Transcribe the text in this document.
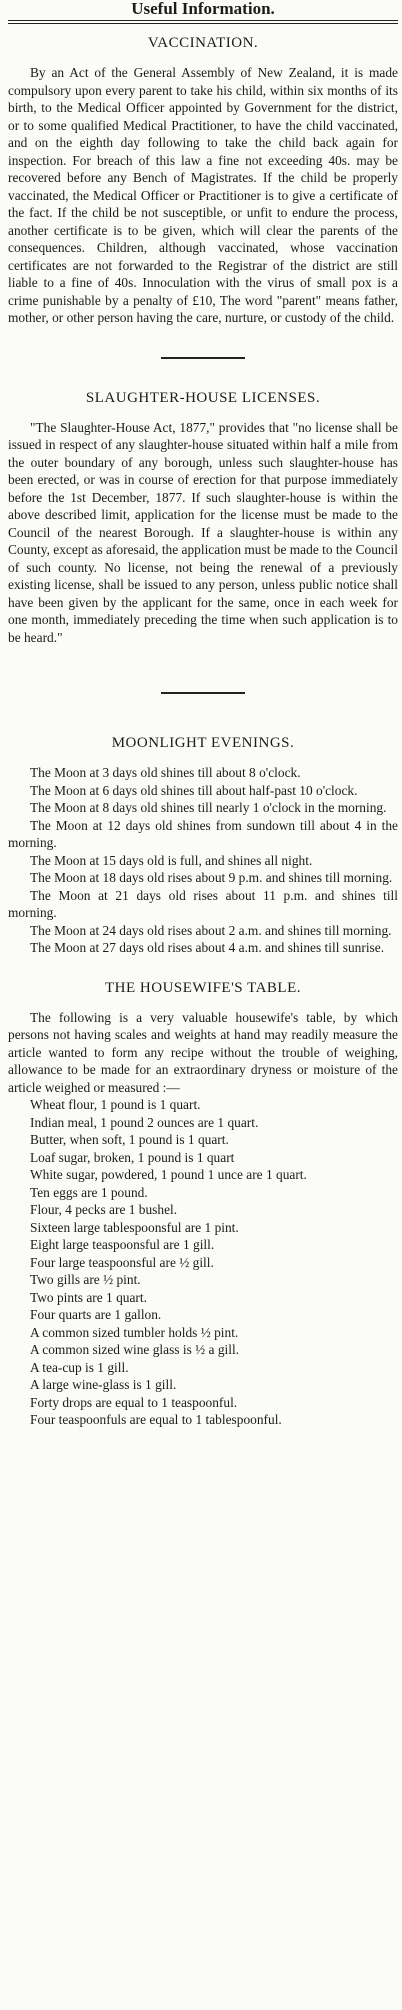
Useful Information.
VACCINATION.

By an Act of the General Assembly of New Zealand, it is made compulsory upon every parent to take his child, within six months of its birth, to the Medical Officer appointed by Government for the district, or to some qualified Medical Practitioner, to have the child vaccinated, and on the eighth day following to take the child back again for inspection. For breach of this law a fine not exceeding 40s. may be recovered before any Bench of Magistrates. If the child be properly vaccinated, the Medical Officer or Practitioner is to give a certificate of the fact. If the child be not susceptible, or unfit to endure the process, another certificate is to be given, which will clear the parents of the consequences. Children, although vaccinated, whose vaccination certificates are not forwarded to the Registrar of the district are still liable to a fine of 40s. Innoculation with the virus of small pox is a crime punishable by a penalty of £10, The word "parent" means father, mother, or other person having the care, nurture, or custody of the child.

SLAUGHTER-HOUSE LICENSES.

"The Slaughter-House Act, 1877," provides that "no license shall be issued in respect of any slaughter-house situated within half a mile from the outer boundary of any borough, unless such slaughter-house has been erected, or was in course of erection for that purpose immediately before the 1st December, 1877. If such slaughter-house is within the above described limit, application for the license must be made to the Council of the nearest Borough. If a slaughter-house is within any County, except as aforesaid, the application must be made to the Council of such county. No license, not being the renewal of a previously existing license, shall be issued to any person, unless public notice shall have been given by the applicant for the same, once in each week for one month, immediately preceding the time when such application is to be heard."

MOONLIGHT EVENINGS.

The Moon at 3 days old shines till about 8 o'clock.

The Moon at 6 days old shines till about half-past 10 o'clock.

The Moon at 8 days old shines till nearly 1 o'clock in the morning.

The Moon at 12 days old shines from sundown till about 4 in the morning.

The Moon at 15 days old is full, and shines all night.

The Moon at 18 days old rises about 9 p.m. and shines till morning.

The Moon at 21 days old rises about 11 p.m. and shines till morning.

The Moon at 24 days old rises about 2 a.m. and shines till morning.

The Moon at 27 days old rises about 4 a.m. and shines till sunrise.

THE HOUSEWIFE'S TABLE.

The following is a very valuable housewife's table, by which persons not having scales and weights at hand may readily measure the article wanted to form any recipe without the trouble of weighing, allowance to be made for an extraordinary dryness or moisture of the article weighed or measured :—

Wheat flour, 1 pound is 1 quart.
Indian meal, 1 pound 2 ounces are 1 quart.
Butter, when soft, 1 pound is 1 quart.
Loaf sugar, broken, 1 pound is 1 quart
White sugar, powdered, 1 pound 1 unce are 1 quart.
Ten eggs are 1 pound.
Flour, 4 pecks are 1 bushel.
Sixteen large tablespoonsful are 1 pint.
Eight large teaspoonsful are 1 gill.
Four large teaspoonsful are ½ gill.
Two gills are ½ pint.
Two pints are 1 quart.
Four quarts are 1 gallon.
A common sized tumbler holds ½ pint.
A common sized wine glass is ½ a gill.
A tea-cup is 1 gill.
A large wine-glass is 1 gill.
Forty drops are equal to 1 teaspoonful.
Four teaspoonfuls are equal to 1 tablespoonful.
